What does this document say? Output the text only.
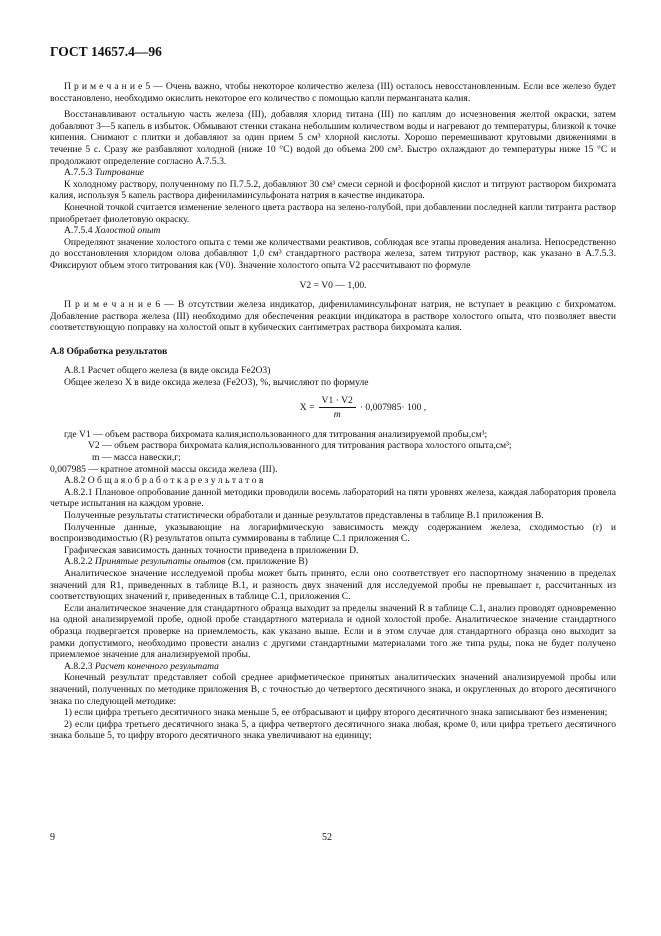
ГОСТ 14657.4—96

П р и м е ч а н и е 5 — Очень важно, чтобы некоторое количество железа (III) осталось невосстановленным. Если все железо будет восстановлено, необходимо окислить некоторое его количество с помощью капли перманганата калия.

Восстанавливают остальную часть железа (III), добавляя хлорид титана (III) по каплям до исчезновения желтой окраски, затем добавляют 3—5 капель в избыток. Обмывают стенки стакана небольшим количеством воды и нагревают до температуры, близкой к точке кипения. Снимают с плитки и добавляют за один прием 5 см³ хлорной кислоты. Хорошо перемешивают круговыми движениями в течение 5 с. Сразу же разбавляют холодной (ниже 10 °С) водой до объема 200 см³. Быстро охлаждают до температуры ниже 15 °С и продолжают определение согласно А.7.5.3.

А.7.5.3 Титрование

К холодному раствору, полученному по П.7.5.2, добавляют 30 см³ смеси серной и фосфорной кислот и титруют раствором бихромата калия, используя 5 капель раствора дифениламинсульфоната натрия в качестве индикатора.

Конечной точкой считается изменение зеленого цвета раствора на зелено-голубой, при добавлении последней капли титранта раствор приобретает фиолетовую окраску.

А.7.5.4 Холостой опыт

Определяют значение холостого опыта с теми же количествами реактивов, соблюдая все этапы проведения анализа. Непосредственно до восстановления хлоридом олова добавляют 1,0 см³ стандартного раствора железа, затем титруют раствор, как указано в А.7.5.3. Фиксируют объем этого титрования как (V0). Значение холостого опыта V2 рассчитывают по формуле

V2 = V0 — 1,00.

П р и м е ч а н и е 6 — В отсутствии железа индикатор, дифениламинсульфонат натрия, не вступает в реакцию с бихроматом. Добавление раствора железа (III) необходимо для обеспечения реакции индикатора в растворе холостого опыта, что позволяет ввести соответствующую поправку на холостой опыт в кубических сантиметрах раствора бихромата калия.

А.8 Обработка результатов

А.8.1 Расчет общего железа (в виде оксида Fe2O3)

Общее железо X в виде оксида железа (Fe2O3), %, вычисляют по формуле

$X = \frac{V1 \cdot V2}{m} \cdot 0,007985\cdot 100$ ,
где V1 — объем раствора бихромата калия,использованного для титрования анализируемой пробы,см³;
V2 — объем раствора бихромата калия,использованного для титрования раствора холостого опыта,см³;
m — масса навески,г;
0,007985 — кратное атомной массы оксида железа (III).

А.8.2 О б щ а я о б р а б о т к а р е з у л ь т а т о в

А.8.2.1 Плановое опробование данной методики проводили восемь лабораторий на пяти уровнях железа, каждая лаборатория провела четыре испытания на каждом уровне.

Полученные результаты статистически обработали и данные результатов представлены в таблице В.1 приложения В.

Полученные данные, указывающие на логарифмическую зависимость между содержанием железа, сходимостью (r) и воспроизводимостью (R) результатов опыта суммированы в таблице С.1 приложения С.

Графическая зависимость данных точности приведена в приложении D.

А.8.2.2 Принятые результаты опытов (см. приложение В)

Аналитическое значение исследуемой пробы может быть принято, если оно соответствует его паспортному значению в пределах значений для R1, приведенных в таблице В.1, и разность двух значений для исследуемой пробы не превышает r, рассчитанных из соответствующих значений r, приведенных в таблице С.1, приложения С.

Если аналитическое значение для стандартного образца выходит за пределы значений R в таблице С.1, анализ проводят одновременно на одной анализируемой пробе, одной пробе стандартного материала и одной холостой пробе. Аналитическое значение стандартного образца подвергается проверке на приемлемость, как указано выше. Если и в этом случае для стандартного образца оно выходит за рамки допустимого, необходимо провести анализ с другими стандартными материалами того же типа руды, пока не будет получено приемлемое значение для анализируемой пробы.

А.8.2.3 Расчет конечного результата

Конечный результат представляет собой среднее арифметическое принятых аналитических значений анализируемой пробы или значений, полученных по методике приложения В, с точностью до четвертого десятичного знака, и округленных до второго десятичного знака по следующей методике:

1) если цифра третьего десятичного знака меньше 5, ее отбрасывают и цифру второго десятичного знака записывают без изменения;

2) если цифра третьего десятичного знака 5, а цифра четвертого десятичного знака любая, кроме 0, или цифра третьего десятичного знака больше 5, то цифру второго десятичного знака увеличивают на единицу;

9	52
